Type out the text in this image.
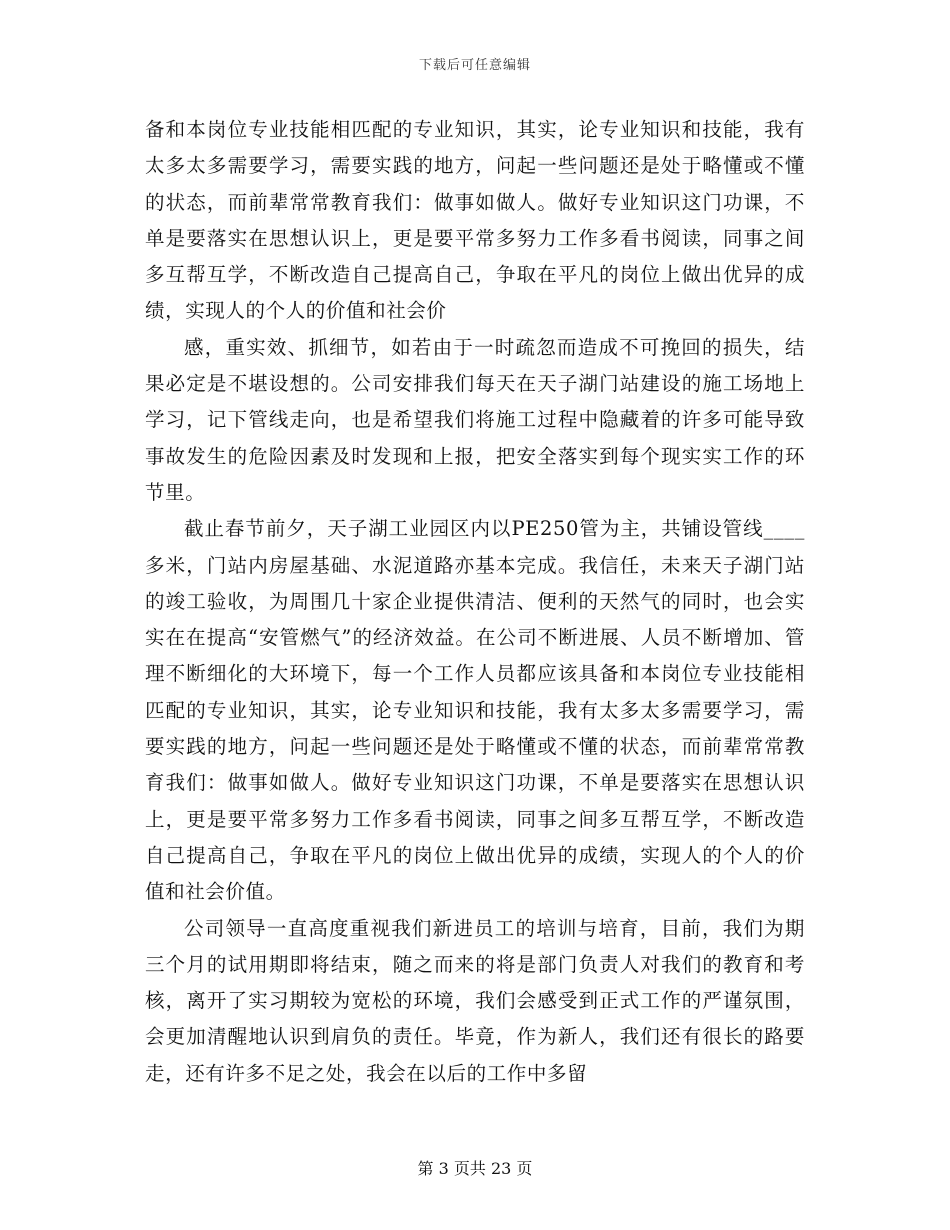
下载后可任意编辑

备和本岗位专业技能相匹配的专业知识，其实，论专业知识和技能，我有太多太多需要学习，需要实践的地方，问起一些问题还是处于略懂或不懂的状态，而前辈常常教育我们：做事如做人。做好专业知识这门功课，不单是要落实在思想认识上，更是要平常多努力工作多看书阅读，同事之间多互帮互学，不断改造自己提高自己，争取在平凡的岗位上做出优异的成绩，实现人的个人的价值和社会价

感，重实效、抓细节，如若由于一时疏忽而造成不可挽回的损失，结果必定是不堪设想的。公司安排我们每天在天子湖门站建设的施工场地上学习，记下管线走向，也是希望我们将施工过程中隐藏着的许多可能导致事故发生的危险因素及时发现和上报，把安全落实到每个现实实工作的环节里。

截止春节前夕，天子湖工业园区内以PE250管为主，共铺设管线____多米，门站内房屋基础、水泥道路亦基本完成。我信任，未来天子湖门站的竣工验收，为周围几十家企业提供清洁、便利的天然气的同时，也会实实在在提高“安管燃气”的经济效益。在公司不断进展、人员不断增加、管理不断细化的大环境下，每一个工作人员都应该具备和本岗位专业技能相匹配的专业知识，其实，论专业知识和技能，我有太多太多需要学习，需要实践的地方，问起一些问题还是处于略懂或不懂的状态，而前辈常常教育我们：做事如做人。做好专业知识这门功课，不单是要落实在思想认识上，更是要平常多努力工作多看书阅读，同事之间多互帮互学，不断改造自己提高自己，争取在平凡的岗位上做出优异的成绩，实现人的个人的价值和社会价值。

公司领导一直高度重视我们新进员工的培训与培育，目前，我们为期三个月的试用期即将结束，随之而来的将是部门负责人对我们的教育和考核，离开了实习期较为宽松的环境，我们会感受到正式工作的严谨氛围，会更加清醒地认识到肩负的责任。毕竟，作为新人，我们还有很长的路要走，还有许多不足之处，我会在以后的工作中多留

第 3 页共 23 页
